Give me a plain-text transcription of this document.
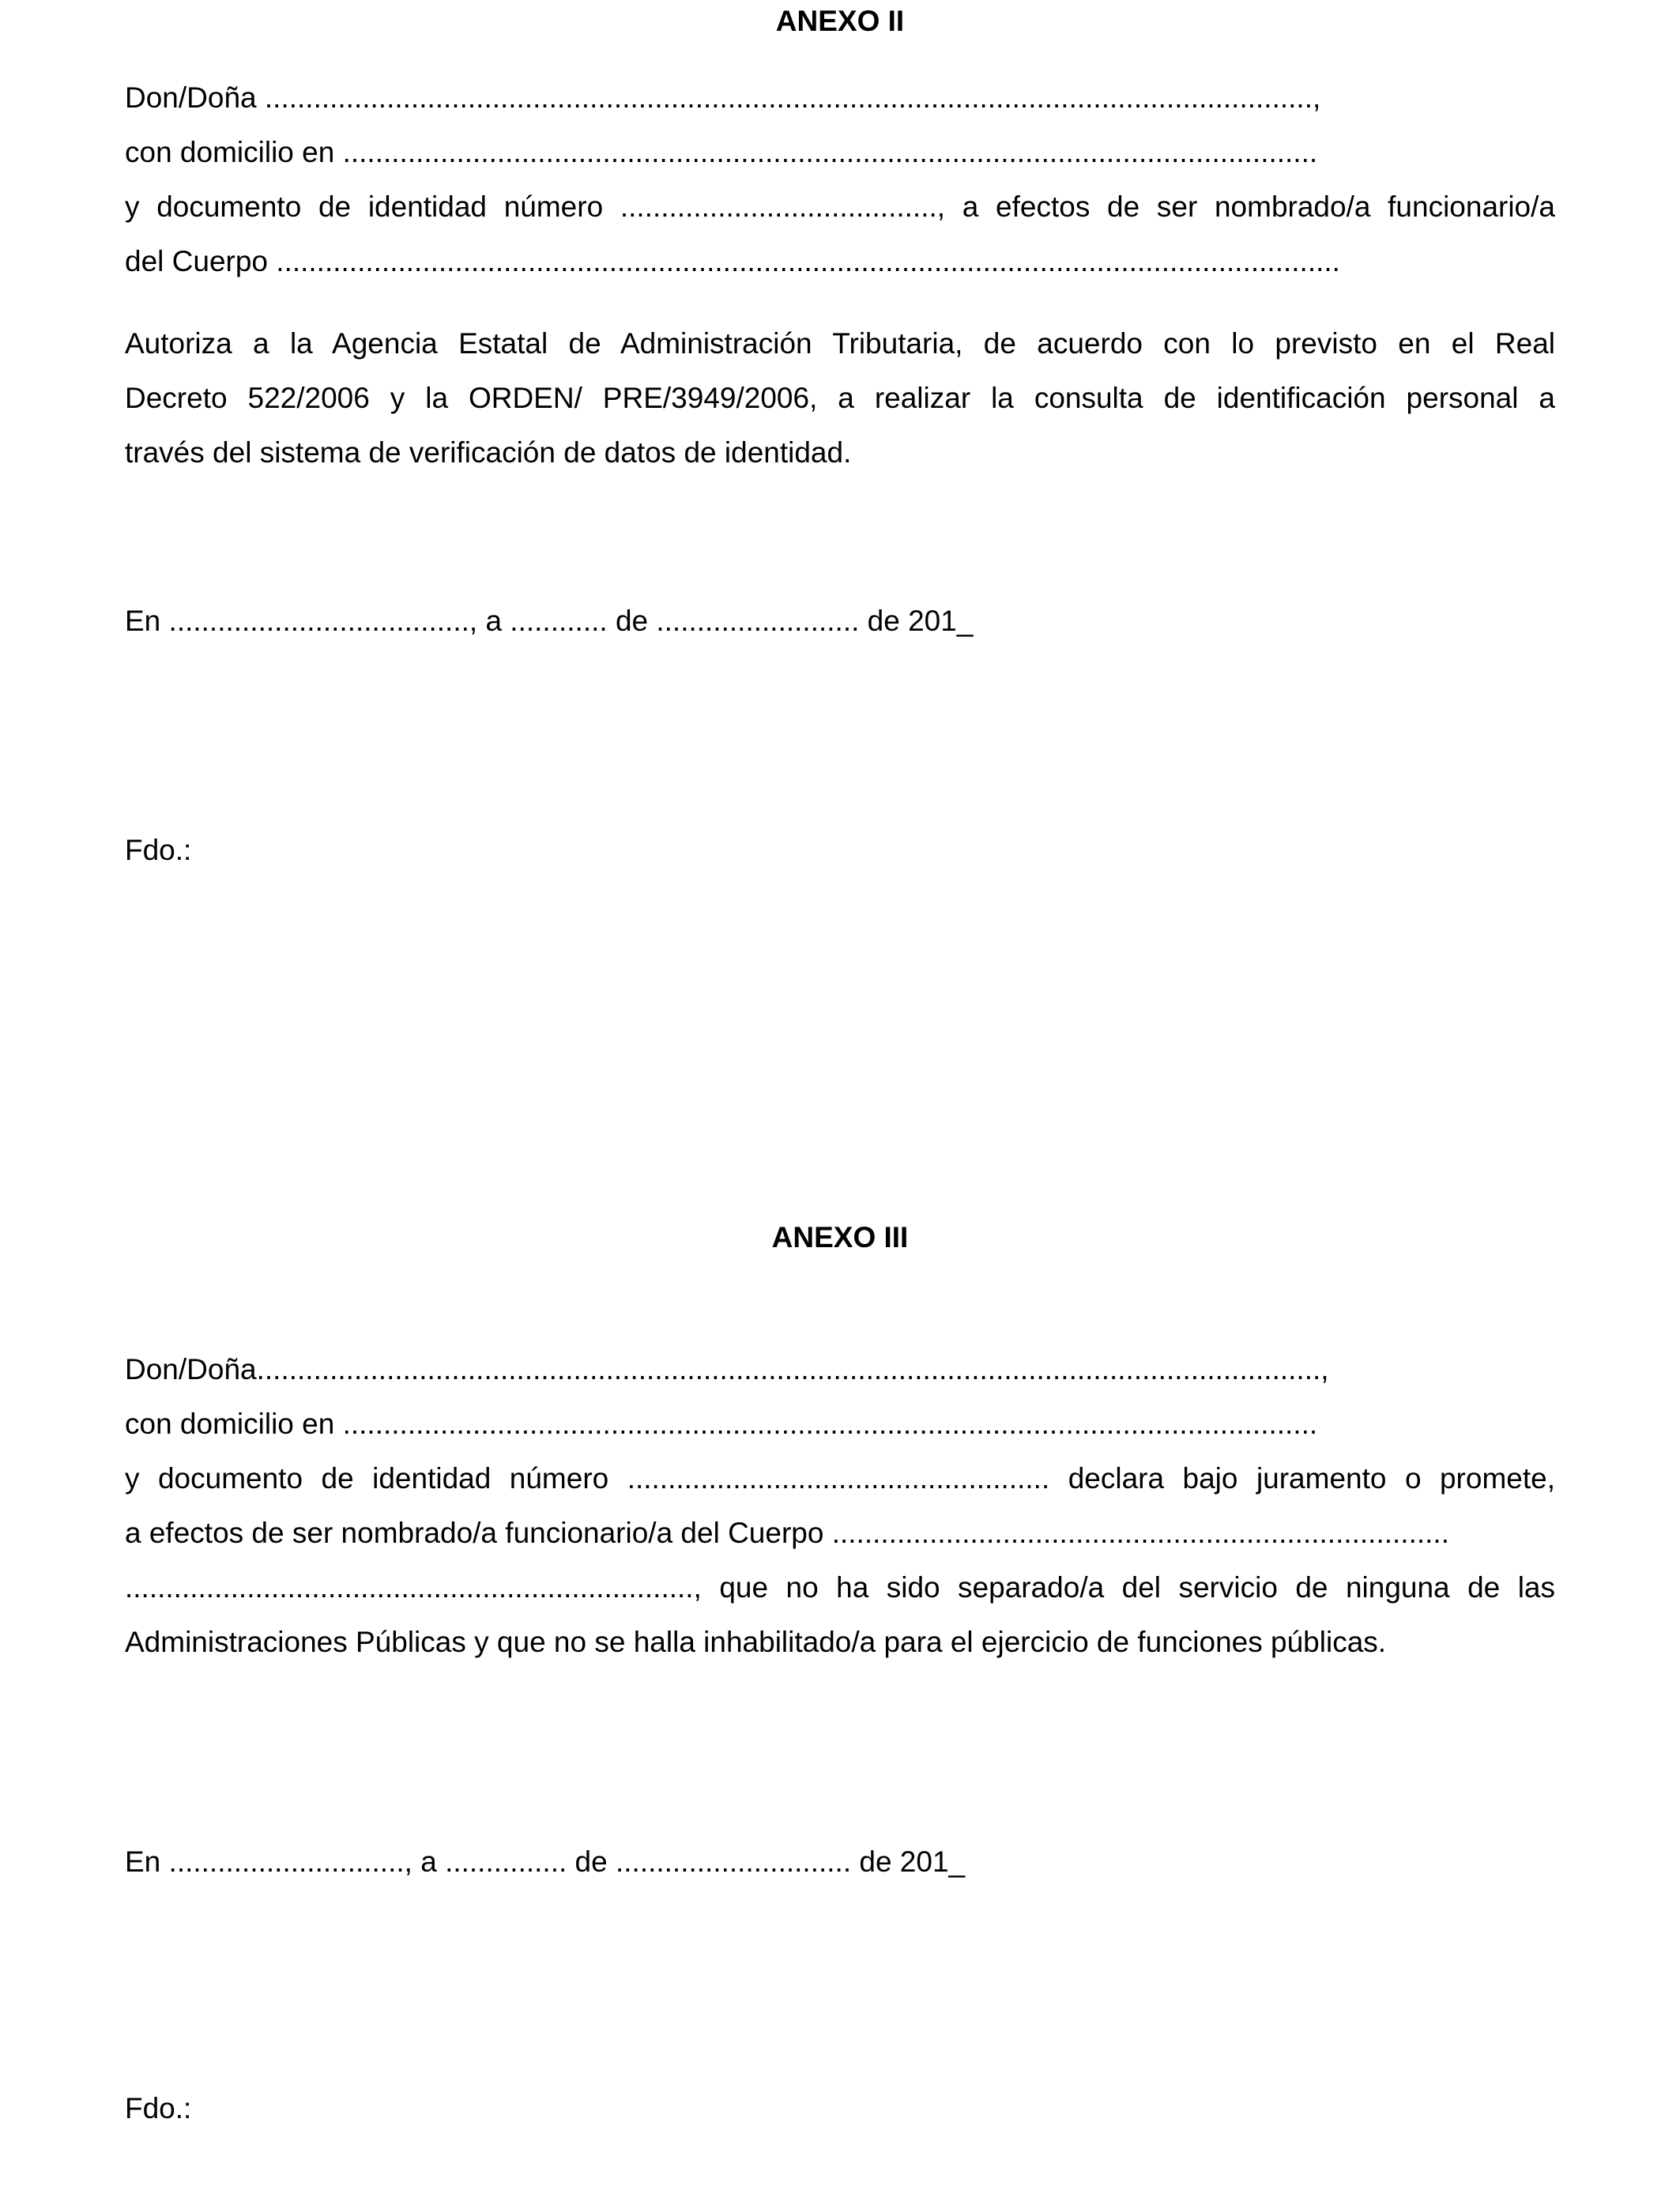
ANEXO II
Don/Doña .................................................................................................................................,
con domicilio en ........................................................................................................................
y documento de identidad número ......................................., a efectos de ser nombrado/a funcionario/a
del Cuerpo ...................................................................................................................................
Autoriza a la Agencia Estatal de Administración Tributaria, de acuerdo con lo previsto en el Real
Decreto 522/2006 y la ORDEN/ PRE/3949/2006, a realizar la consulta de identificación personal a
través del sistema de verificación de datos de identidad.
En ....................................., a ............ de ......................... de 201_
Fdo.:
ANEXO III
Don/Doña...................................................................................................................................,
con domicilio en ........................................................................................................................
y documento de identidad número .................................................... declara bajo juramento o promete,
a efectos de ser nombrado/a funcionario/a del Cuerpo ............................................................................
......................................................................, que no ha sido separado/a del servicio de ninguna de las
Administraciones Públicas y que no se halla inhabilitado/a para el ejercicio de funciones públicas.
En ............................., a ............... de ............................. de 201_
Fdo.:
